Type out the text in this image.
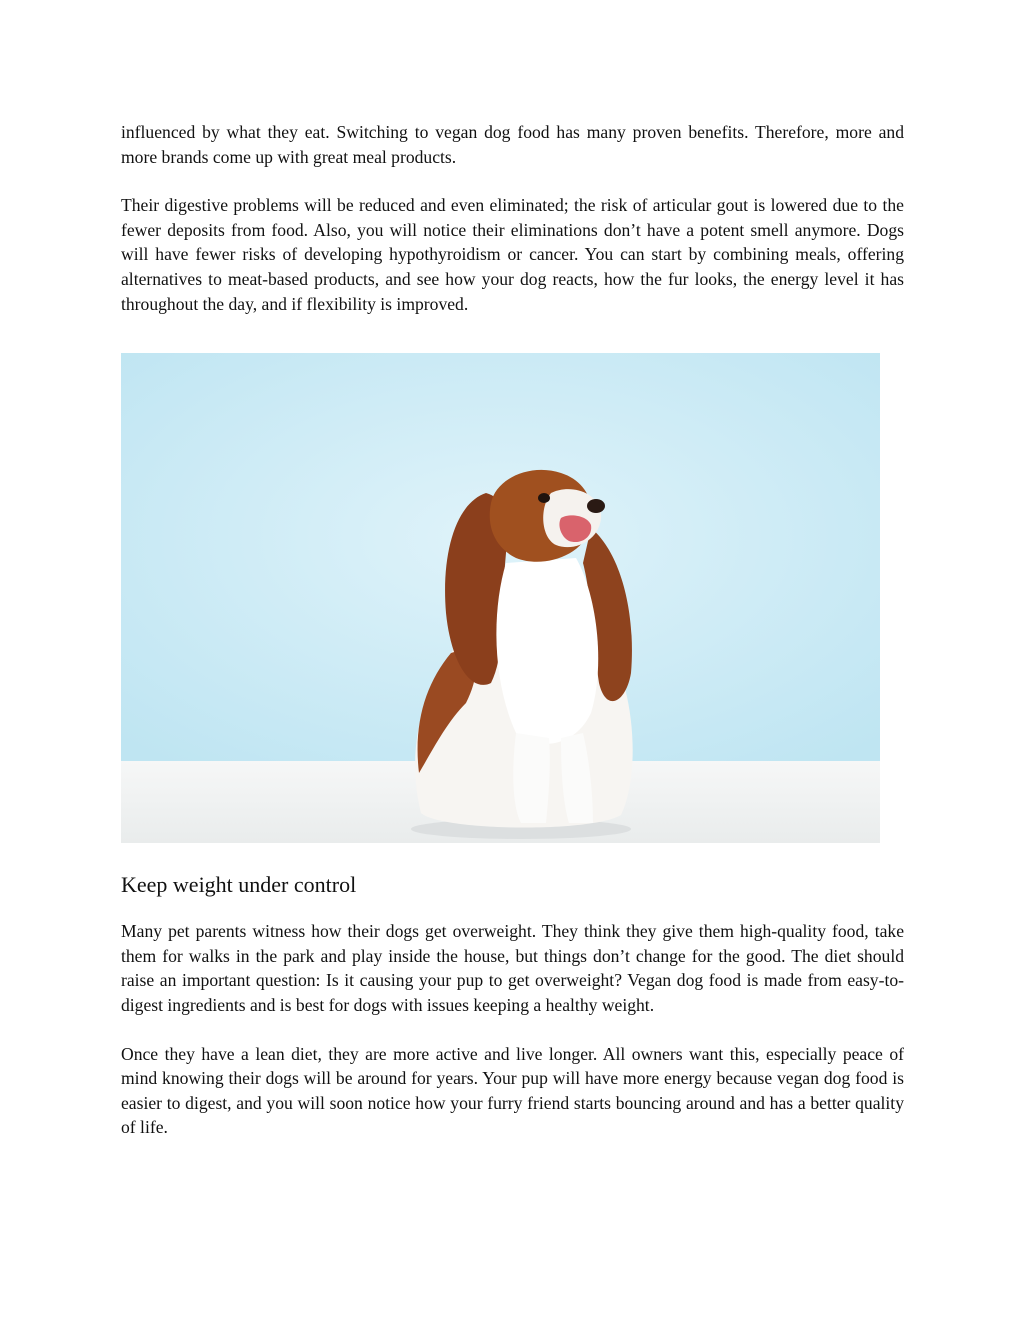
influenced by what they eat. Switching to vegan dog food has many proven benefits. Therefore, more and more brands come up with great meal products.

Their digestive problems will be reduced and even eliminated; the risk of articular gout is lowered due to the fewer deposits from food. Also, you will notice their eliminations don’t have a potent smell anymore. Dogs will have fewer risks of developing hypothyroidism or cancer. You can start by combining meals, offering alternatives to meat-based products, and see how your dog reacts, how the fur looks, the energy level it has throughout the day, and if flexibility is improved.

Keep weight under control

Many pet parents witness how their dogs get overweight. They think they give them high-quality food, take them for walks in the park and play inside the house, but things don’t change for the good. The diet should raise an important question: Is it causing your pup to get overweight? Vegan dog food is made from easy-to-digest ingredients and is best for dogs with issues keeping a healthy weight.

Once they have a lean diet, they are more active and live longer. All owners want this, especially peace of mind knowing their dogs will be around for years. Your pup will have more energy because vegan dog food is easier to digest, and you will soon notice how your furry friend starts bouncing around and has a better quality of life.
